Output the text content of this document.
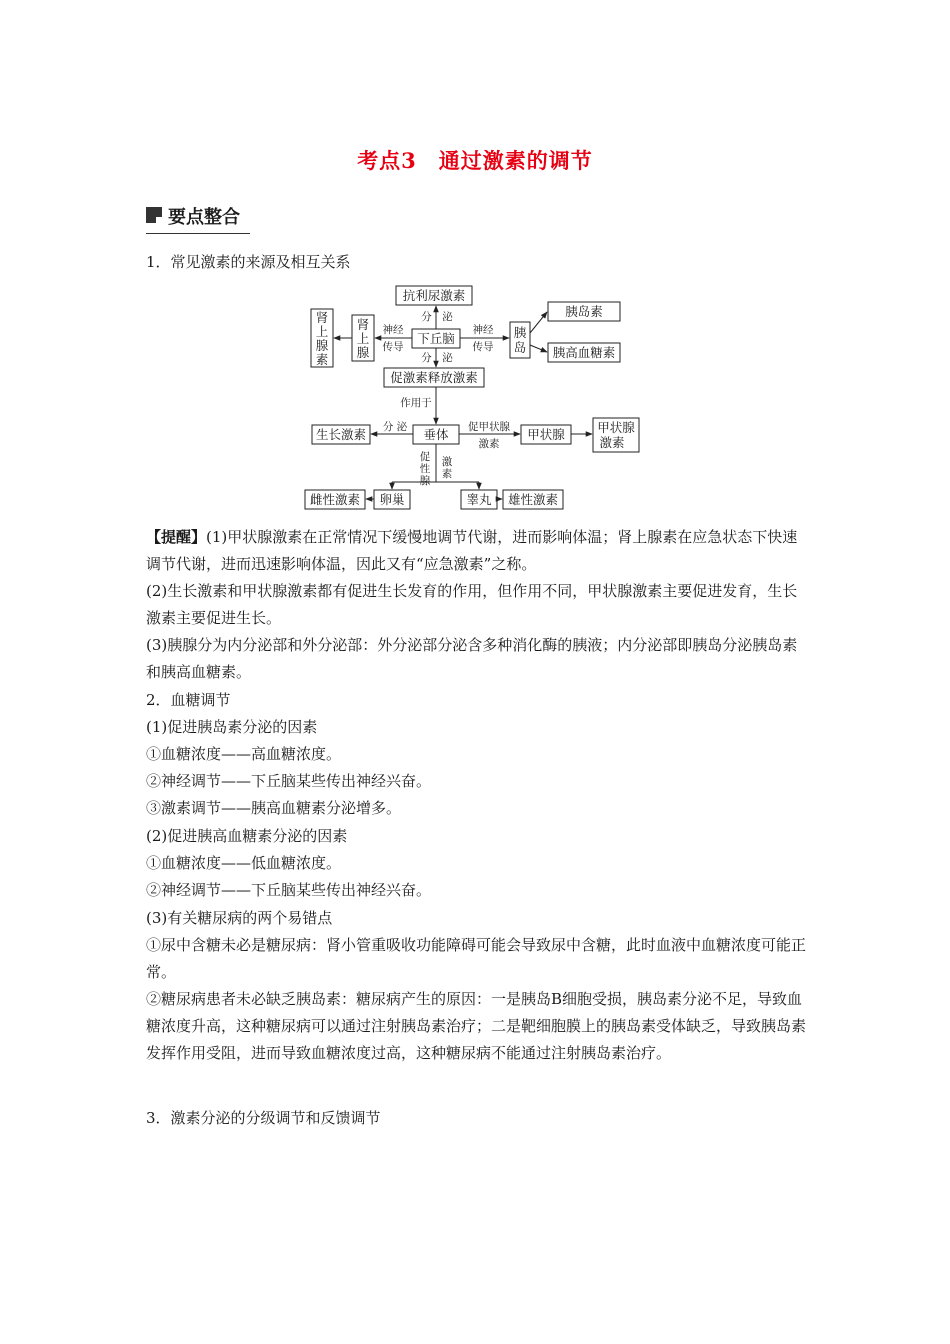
考点3　通过激素的调节
要点整合
1．常见激素的来源及相互关系
抗利尿激素
下丘脑
胰岛素
胰高血糖素
促激素释放激素
垂体
生长激素	甲状腺	甲状腺
激素
卵巢
雌性激素	睾丸 雄性激素
肾
上
腺
肾
上
腺
素
胰
岛
分　泌
分　泌
神经
传导
神经
传导
作用于
分 泌	促甲状腺
激素
促
性
腺
激
素
【提醒】(1)甲状腺激素在正常情况下缓慢地调节代谢，进而影响体温；肾上腺素在应急状态下快速调节代谢，进而迅速影响体温，因此又有“应急激素”之称。
(2)生长激素和甲状腺激素都有促进生长发育的作用，但作用不同，甲状腺激素主要促进发育，生长激素主要促进生长。
(3)胰腺分为内分泌部和外分泌部：外分泌部分泌含多种消化酶的胰液；内分泌部即胰岛分泌胰岛素和胰高血糖素。
2．血糖调节
(1)促进胰岛素分泌的因素
①血糖浓度——高血糖浓度。
②神经调节——下丘脑某些传出神经兴奋。
③激素调节——胰高血糖素分泌增多。
(2)促进胰高血糖素分泌的因素
①血糖浓度——低血糖浓度。
②神经调节——下丘脑某些传出神经兴奋。
(3)有关糖尿病的两个易错点
①尿中含糖未必是糖尿病：肾小管重吸收功能障碍可能会导致尿中含糖，此时血液中血糖浓度可能正常。
②糖尿病患者未必缺乏胰岛素：糖尿病产生的原因：一是胰岛B细胞受损，胰岛素分泌不足，导致血糖浓度升高，这种糖尿病可以通过注射胰岛素治疗；二是靶细胞膜上的胰岛素受体缺乏，导致胰岛素发挥作用受阻，进而导致血糖浓度过高，这种糖尿病不能通过注射胰岛素治疗。
3．激素分泌的分级调节和反馈调节
